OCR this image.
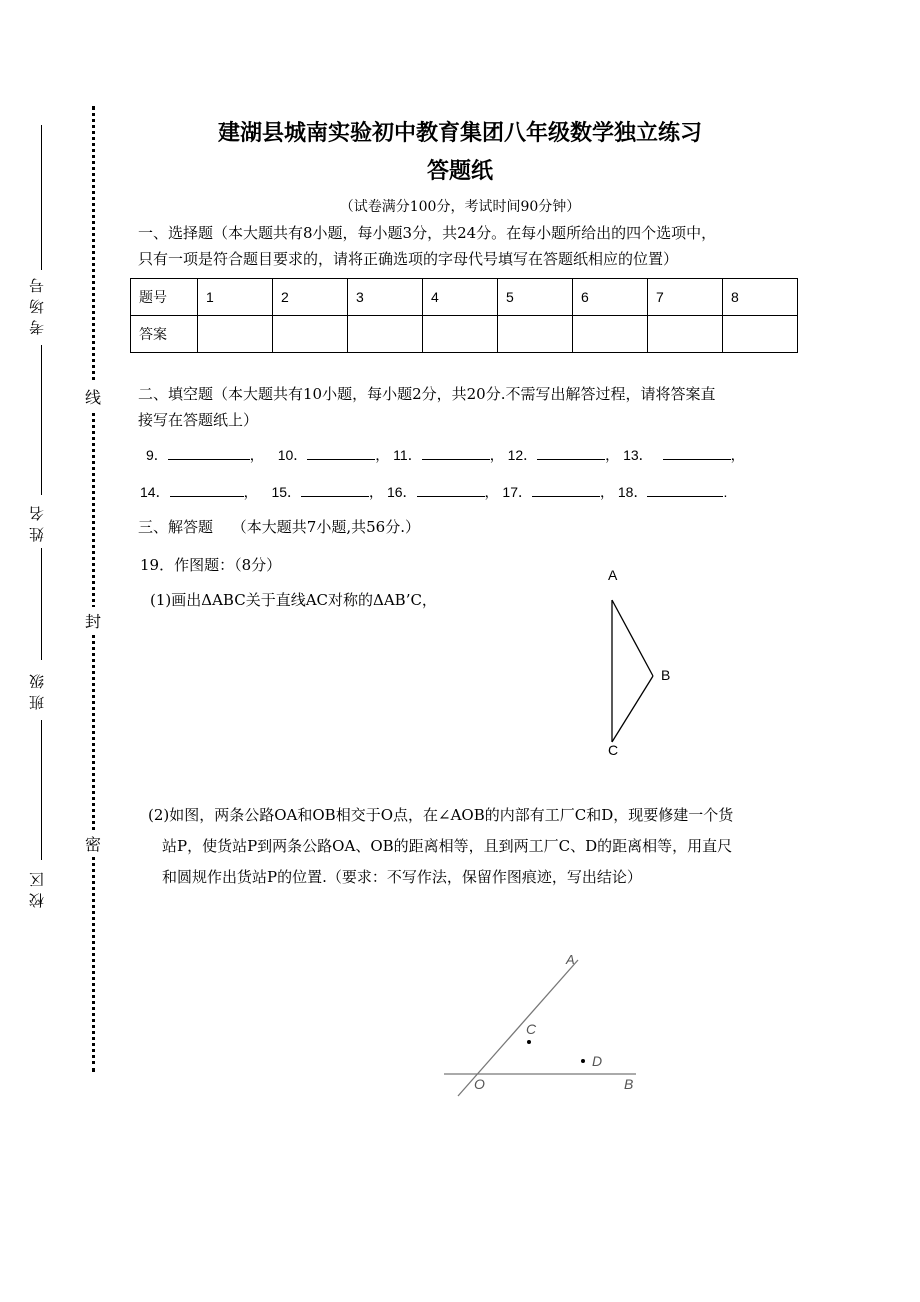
考场号
姓名
班级
校区
线
封
密
建湖县城南实验初中教育集团八年级数学独立练习
答题纸
（试卷满分100分，考试时间90分钟）
一、选择题（本大题共有8小题，每小题3分，共24分。在每小题所给出的四个选项中，
只有一项是符合题目要求的，请将正确选项的字母代号填写在答题纸相应的位置）
题号	1	2	3	4	5	6	7	8
答案								
二、填空题（本大题共有10小题，每小题2分，共20分.不需写出解答过程，请将答案直
接写在答题纸上）
9．	， 10．	， 11．	， 12．	， 13．	，
14．	， 15．	， 16．	， 17．	， 18．	.
三、解答题 （本大题共7小题,共56分.）
19．作图题：（8分）
(1)画出ΔABC关于直线AC对称的ΔAB’C，
A
B
C
(2)如图，两条公路OA和OB相交于O点，在∠AOB的内部有工厂C和D，现要修建一个货
站P，使货站P到两条公路OA、OB的距离相等，且到两工厂C、D的距离相等，用直尺
和圆规作出货站P的位置.（要求：不写作法，保留作图痕迹，写出结论）
A
C
D
O	B
